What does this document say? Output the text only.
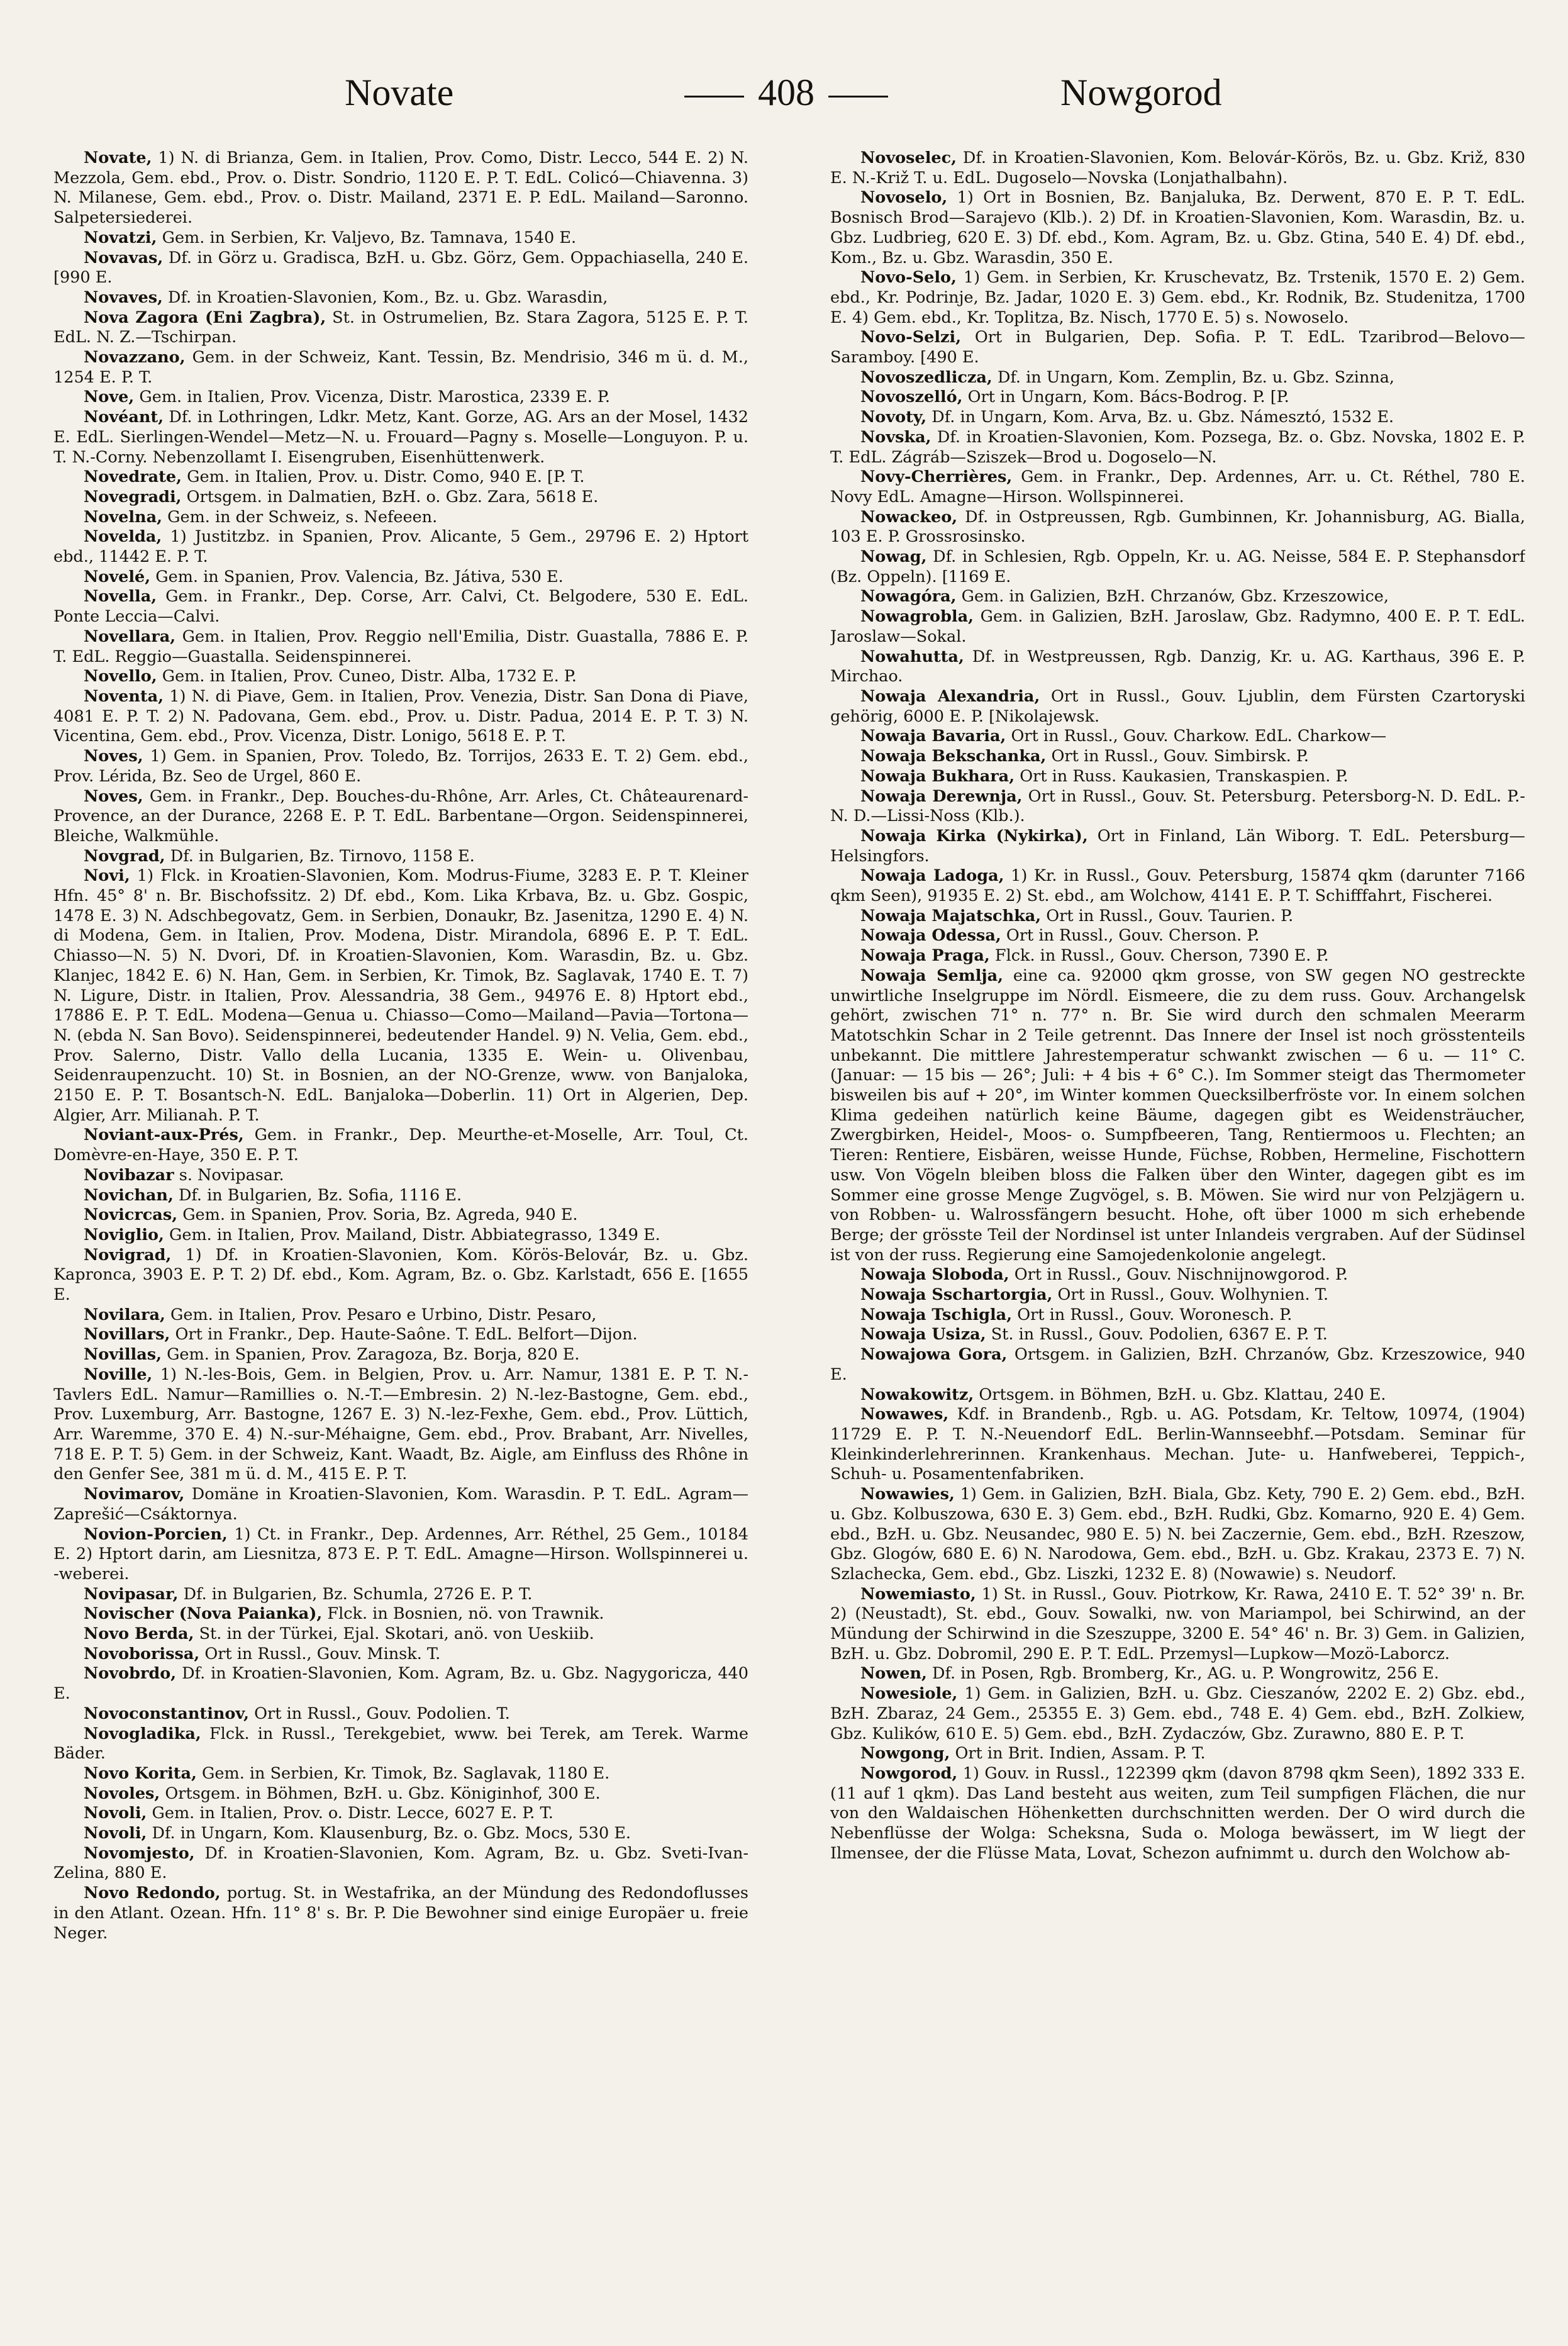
Novate	408	Nowgorod

Novate, 1) N. di Brianza, Gem. in Italien, Prov. Como, Distr. Lecco, 544 E. 2) N. Mezzola, Gem. ebd., Prov. o. Distr. Sondrio, 1120 E. P. T. EdL. Colicó—Chiavenna. 3) N. Milanese, Gem. ebd., Prov. o. Distr. Mailand, 2371 E. P. EdL. Mailand—Saronno. Salpetersiederei.

Novatzi, Gem. in Serbien, Kr. Valjevo, Bz. Tamnava, 1540 E.

Novavas, Df. in Görz u. Gradisca, BzH. u. Gbz. Görz, Gem. Oppachiasella, 240 E. [990 E.

Novaves, Df. in Kroatien-Slavonien, Kom., Bz. u. Gbz. Warasdin,

Nova Zagora (Eni Zagbra), St. in Ostrumelien, Bz. Stara Zagora, 5125 E. P. T. EdL. N. Z.—Tschirpan.

Novazzano, Gem. in der Schweiz, Kant. Tessin, Bz. Mendrisio, 346 m ü. d. M., 1254 E. P. T.

Nove, Gem. in Italien, Prov. Vicenza, Distr. Marostica, 2339 E. P.

Novéant, Df. in Lothringen, Ldkr. Metz, Kant. Gorze, AG. Ars an der Mosel, 1432 E. EdL. Sierlingen-Wendel—Metz—N. u. Frouard—Pagny s. Moselle—Longuyon. P. u. T. N.-Corny. Nebenzollamt I. Eisengruben, Eisenhüttenwerk.

Novedrate, Gem. in Italien, Prov. u. Distr. Como, 940 E. [P. T.

Novegradi, Ortsgem. in Dalmatien, BzH. o. Gbz. Zara, 5618 E.

Novelna, Gem. in der Schweiz, s. Nefeeen.

Novelda, 1) Justitzbz. in Spanien, Prov. Alicante, 5 Gem., 29796 E. 2) Hptort ebd., 11442 E. P. T.

Novelé, Gem. in Spanien, Prov. Valencia, Bz. Játiva, 530 E.

Novella, Gem. in Frankr., Dep. Corse, Arr. Calvi, Ct. Belgodere, 530 E. EdL. Ponte Leccia—Calvi.

Novellara, Gem. in Italien, Prov. Reggio nell'Emilia, Distr. Guastalla, 7886 E. P. T. EdL. Reggio—Guastalla. Seidenspinnerei.

Novello, Gem. in Italien, Prov. Cuneo, Distr. Alba, 1732 E. P.

Noventa, 1) N. di Piave, Gem. in Italien, Prov. Venezia, Distr. San Dona di Piave, 4081 E. P. T. 2) N. Padovana, Gem. ebd., Prov. u. Distr. Padua, 2014 E. P. T. 3) N. Vicentina, Gem. ebd., Prov. Vicenza, Distr. Lonigo, 5618 E. P. T.

Noves, 1) Gem. in Spanien, Prov. Toledo, Bz. Torrijos, 2633 E. T. 2) Gem. ebd., Prov. Lérida, Bz. Seo de Urgel, 860 E.

Noves, Gem. in Frankr., Dep. Bouches-du-Rhône, Arr. Arles, Ct. Châteaurenard-Provence, an der Durance, 2268 E. P. T. EdL. Barbentane—Orgon. Seidenspinnerei, Bleiche, Walkmühle.

Novgrad, Df. in Bulgarien, Bz. Tirnovo, 1158 E.

Novi, 1) Flck. in Kroatien-Slavonien, Kom. Modrus-Fiume, 3283 E. P. T. Kleiner Hfn. 45° 8' n. Br. Bischofssitz. 2) Df. ebd., Kom. Lika Krbava, Bz. u. Gbz. Gospic, 1478 E. 3) N. Adschbegovatz, Gem. in Serbien, Donaukr, Bz. Jasenitza, 1290 E. 4) N. di Modena, Gem. in Italien, Prov. Modena, Distr. Mirandola, 6896 E. P. T. EdL. Chiasso—N. 5) N. Dvori, Df. in Kroatien-Slavonien, Kom. Warasdin, Bz. u. Gbz. Klanjec, 1842 E. 6) N. Han, Gem. in Serbien, Kr. Timok, Bz. Saglavak, 1740 E. T. 7) N. Ligure, Distr. in Italien, Prov. Alessandria, 38 Gem., 94976 E. 8) Hptort ebd., 17886 E. P. T. EdL. Modena—Genua u. Chiasso—Como—Mailand—Pavia—Tortona—N. (ebda N. San Bovo). Seidenspinnerei, bedeutender Handel. 9) N. Velia, Gem. ebd., Prov. Salerno, Distr. Vallo della Lucania, 1335 E. Wein- u. Olivenbau, Seidenraupenzucht. 10) St. in Bosnien, an der NO-Grenze, www. von Banjaloka, 2150 E. P. T. Bosantsch-N. EdL. Banjaloka—Doberlin. 11) Ort in Algerien, Dep. Algier, Arr. Milianah. P. T.

Noviant-aux-Prés, Gem. in Frankr., Dep. Meurthe-et-Moselle, Arr. Toul, Ct. Domèvre-en-Haye, 350 E. P. T.

Novibazar s. Novipasar.

Novichan, Df. in Bulgarien, Bz. Sofia, 1116 E.

Novicrcas, Gem. in Spanien, Prov. Soria, Bz. Agreda, 940 E.

Noviglio, Gem. in Italien, Prov. Mailand, Distr. Abbiategrasso, 1349 E.

Novigrad, 1) Df. in Kroatien-Slavonien, Kom. Körös-Belovár, Bz. u. Gbz. Kapronca, 3903 E. P. T. 2) Df. ebd., Kom. Agram, Bz. o. Gbz. Karlstadt, 656 E. [1655 E.

Novilara, Gem. in Italien, Prov. Pesaro e Urbino, Distr. Pesaro,

Novillars, Ort in Frankr., Dep. Haute-Saône. T. EdL. Belfort—Dijon.

Novillas, Gem. in Spanien, Prov. Zaragoza, Bz. Borja, 820 E.

Noville, 1) N.-les-Bois, Gem. in Belgien, Prov. u. Arr. Namur, 1381 E. P. T. N.-Tavlers EdL. Namur—Ramillies o. N.-T.—Embresin. 2) N.-lez-Bastogne, Gem. ebd., Prov. Luxemburg, Arr. Bastogne, 1267 E. 3) N.-lez-Fexhe, Gem. ebd., Prov. Lüttich, Arr. Waremme, 370 E. 4) N.-sur-Méhaigne, Gem. ebd., Prov. Brabant, Arr. Nivelles, 718 E. P. T. 5) Gem. in der Schweiz, Kant. Waadt, Bz. Aigle, am Einfluss des Rhône in den Genfer See, 381 m ü. d. M., 415 E. P. T.

Novimarov, Domäne in Kroatien-Slavonien, Kom. Warasdin. P. T. EdL. Agram—Zaprešić—Csáktornya.

Novion-Porcien, 1) Ct. in Frankr., Dep. Ardennes, Arr. Réthel, 25 Gem., 10184 E. 2) Hptort darin, am Liesnitza, 873 E. P. T. EdL. Amagne—Hirson. Wollspinnerei u. -weberei.

Novipasar, Df. in Bulgarien, Bz. Schumla, 2726 E. P. T.

Novischer (Nova Paianka), Flck. in Bosnien, nö. von Trawnik.

Novo Berda, St. in der Türkei, Ejal. Skotari, anö. von Ueskiib.

Novoborissa, Ort in Russl., Gouv. Minsk. T.

Novobrdo, Df. in Kroatien-Slavonien, Kom. Agram, Bz. u. Gbz. Nagygoricza, 440 E.

Novoconstantinov, Ort in Russl., Gouv. Podolien. T.

Novogladika, Flck. in Russl., Terekgebiet, www. bei Terek, am Terek. Warme Bäder.

Novo Korita, Gem. in Serbien, Kr. Timok, Bz. Saglavak, 1180 E.

Novoles, Ortsgem. in Böhmen, BzH. u. Gbz. Königinhof, 300 E.

Novoli, Gem. in Italien, Prov. o. Distr. Lecce, 6027 E. P. T.

Novoli, Df. in Ungarn, Kom. Klausenburg, Bz. o. Gbz. Mocs, 530 E.

Novomjesto, Df. in Kroatien-Slavonien, Kom. Agram, Bz. u. Gbz. Sveti-Ivan-Zelina, 880 E.

Novo Redondo, portug. St. in Westafrika, an der Mündung des Redondoflusses in den Atlant. Ozean. Hfn. 11° 8' s. Br. P. Die Bewohner sind einige Europäer u. freie Neger.

Novoselec, Df. in Kroatien-Slavonien, Kom. Belovár-Körös, Bz. u. Gbz. Križ, 830 E. N.-Križ T. u. EdL. Dugoselo—Novska (Lonjathalbahn).

Novoselo, 1) Ort in Bosnien, Bz. Banjaluka, Bz. Derwent, 870 E. P. T. EdL. Bosnisch Brod—Sarajevo (Klb.). 2) Df. in Kroatien-Slavonien, Kom. Warasdin, Bz. u. Gbz. Ludbrieg, 620 E. 3) Df. ebd., Kom. Agram, Bz. u. Gbz. Gtina, 540 E. 4) Df. ebd., Kom., Bz. u. Gbz. Warasdin, 350 E.

Novo-Selo, 1) Gem. in Serbien, Kr. Kruschevatz, Bz. Trstenik, 1570 E. 2) Gem. ebd., Kr. Podrinje, Bz. Jadar, 1020 E. 3) Gem. ebd., Kr. Rodnik, Bz. Studenitza, 1700 E. 4) Gem. ebd., Kr. Toplitza, Bz. Nisch, 1770 E. 5) s. Nowoselo.

Novo-Selzi, Ort in Bulgarien, Dep. Sofia. P. T. EdL. Tzaribrod—Belovo—Saramboy. [490 E.

Novoszedlicza, Df. in Ungarn, Kom. Zemplin, Bz. u. Gbz. Szinna,

Novoszelló, Ort in Ungarn, Kom. Bács-Bodrog. P. [P.

Novoty, Df. in Ungarn, Kom. Arva, Bz. u. Gbz. Námesztó, 1532 E.

Novska, Df. in Kroatien-Slavonien, Kom. Pozsega, Bz. o. Gbz. Novska, 1802 E. P. T. EdL. Zágráb—Sziszek—Brod u. Dogoselo—N.

Novy-Cherrières, Gem. in Frankr., Dep. Ardennes, Arr. u. Ct. Réthel, 780 E. Novy EdL. Amagne—Hirson. Wollspinnerei.

Nowackeo, Df. in Ostpreussen, Rgb. Gumbinnen, Kr. Johannisburg, AG. Bialla, 103 E. P. Grossrosinsko.

Nowag, Df. in Schlesien, Rgb. Oppeln, Kr. u. AG. Neisse, 584 E. P. Stephansdorf (Bz. Oppeln). [1169 E.

Nowagóra, Gem. in Galizien, BzH. Chrzanów, Gbz. Krzeszowice,

Nowagrobla, Gem. in Galizien, BzH. Jaroslaw, Gbz. Radymno, 400 E. P. T. EdL. Jaroslaw—Sokal.

Nowahutta, Df. in Westpreussen, Rgb. Danzig, Kr. u. AG. Karthaus, 396 E. P. Mirchao.

Nowaja Alexandria, Ort in Russl., Gouv. Ljublin, dem Fürsten Czartoryski gehörig, 6000 E. P. [Nikolajewsk.

Nowaja Bavaria, Ort in Russl., Gouv. Charkow. EdL. Charkow—

Nowaja Bekschanka, Ort in Russl., Gouv. Simbirsk. P.

Nowaja Bukhara, Ort in Russ. Kaukasien, Transkaspien. P.

Nowaja Derewnja, Ort in Russl., Gouv. St. Petersburg. Petersborg-N. D. EdL. P.-N. D.—Lissi-Noss (Klb.).

Nowaja Kirka (Nykirka), Ort in Finland, Län Wiborg. T. EdL. Petersburg—Helsingfors.

Nowaja Ladoga, 1) Kr. in Russl., Gouv. Petersburg, 15874 qkm (darunter 7166 qkm Seen), 91935 E. 2) St. ebd., am Wolchow, 4141 E. P. T. Schifffahrt, Fischerei.

Nowaja Majatschka, Ort in Russl., Gouv. Taurien. P.

Nowaja Odessa, Ort in Russl., Gouv. Cherson. P.

Nowaja Praga, Flck. in Russl., Gouv. Cherson, 7390 E. P.

Nowaja Semlja, eine ca. 92000 qkm grosse, von SW gegen NO gestreckte unwirtliche Inselgruppe im Nördl. Eismeere, die zu dem russ. Gouv. Archangelsk gehört, zwischen 71° n. 77° n. Br. Sie wird durch den schmalen Meerarm Matotschkin Schar in 2 Teile getrennt. Das Innere der Insel ist noch grösstenteils unbekannt. Die mittlere Jahrestemperatur schwankt zwischen — 6 u. — 11° C. (Januar: — 15 bis — 26°; Juli: + 4 bis + 6° C.). Im Sommer steigt das Thermometer bisweilen bis auf + 20°, im Winter kommen Quecksilberfröste vor. In einem solchen Klima gedeihen natürlich keine Bäume, dagegen gibt es Weidensträucher, Zwergbirken, Heidel-, Moos- o. Sumpfbeeren, Tang, Rentiermoos u. Flechten; an Tieren: Rentiere, Eisbären, weisse Hunde, Füchse, Robben, Hermeline, Fischottern usw. Von Vögeln bleiben bloss die Falken über den Winter, dagegen gibt es im Sommer eine grosse Menge Zugvögel, s. B. Möwen. Sie wird nur von Pelzjägern u. von Robben- u. Walrossfängern besucht. Hohe, oft über 1000 m sich erhebende Berge; der grösste Teil der Nordinsel ist unter Inlandeis vergraben. Auf der Südinsel ist von der russ. Regierung eine Samojedenkolonie angelegt.

Nowaja Sloboda, Ort in Russl., Gouv. Nischnijnowgorod. P.

Nowaja Sschartorgia, Ort in Russl., Gouv. Wolhynien. T.

Nowaja Tschigla, Ort in Russl., Gouv. Woronesch. P.

Nowaja Usiza, St. in Russl., Gouv. Podolien, 6367 E. P. T.

Nowajowa Gora, Ortsgem. in Galizien, BzH. Chrzanów, Gbz. Krzeszowice, 940 E.

Nowakowitz, Ortsgem. in Böhmen, BzH. u. Gbz. Klattau, 240 E.

Nowawes, Kdf. in Brandenb., Rgb. u. AG. Potsdam, Kr. Teltow, 10974, (1904) 11729 E. P. T. N.-Neuendorf EdL. Berlin-Wannseebhf.—Potsdam. Seminar für Kleinkinderlehrerinnen. Krankenhaus. Mechan. Jute- u. Hanfweberei, Teppich-, Schuh- u. Posamentenfabriken.

Nowawies, 1) Gem. in Galizien, BzH. Biala, Gbz. Kety, 790 E. 2) Gem. ebd., BzH. u. Gbz. Kolbuszowa, 630 E. 3) Gem. ebd., BzH. Rudki, Gbz. Komarno, 920 E. 4) Gem. ebd., BzH. u. Gbz. Neusandec, 980 E. 5) N. bei Zaczernie, Gem. ebd., BzH. Rzeszow, Gbz. Glogów, 680 E. 6) N. Narodowa, Gem. ebd., BzH. u. Gbz. Krakau, 2373 E. 7) N. Szlachecka, Gem. ebd., Gbz. Liszki, 1232 E. 8) (Nowawie) s. Neudorf.

Nowemiasto, 1) St. in Russl., Gouv. Piotrkow, Kr. Rawa, 2410 E. T. 52° 39' n. Br. 2) (Neustadt), St. ebd., Gouv. Sowalki, nw. von Mariampol, bei Schirwind, an der Mündung der Schirwind in die Szeszuppe, 3200 E. 54° 46' n. Br. 3) Gem. in Galizien, BzH. u. Gbz. Dobromil, 290 E. P. T. EdL. Przemysl—Lupkow—Mozö-Laborcz.

Nowen, Df. in Posen, Rgb. Bromberg, Kr., AG. u. P. Wongrowitz, 256 E.

Nowesiole, 1) Gem. in Galizien, BzH. u. Gbz. Cieszanów, 2202 E. 2) Gbz. ebd., BzH. Zbaraz, 24 Gem., 25355 E. 3) Gem. ebd., 748 E. 4) Gem. ebd., BzH. Zolkiew, Gbz. Kulików, 610 E. 5) Gem. ebd., BzH. Zydaczów, Gbz. Zurawno, 880 E. P. T.

Nowgong, Ort in Brit. Indien, Assam. P. T.

Nowgorod, 1) Gouv. in Russl., 122399 qkm (davon 8798 qkm Seen), 1892 333 E. (11 auf 1 qkm). Das Land besteht aus weiten, zum Teil sumpfigen Flächen, die nur von den Waldaischen Höhenketten durchschnitten werden. Der O wird durch die Nebenflüsse der Wolga: Scheksna, Suda o. Mologa bewässert, im W liegt der Ilmensee, der die Flüsse Mata, Lovat, Schezon aufnimmt u. durch den Wolchow ab-
